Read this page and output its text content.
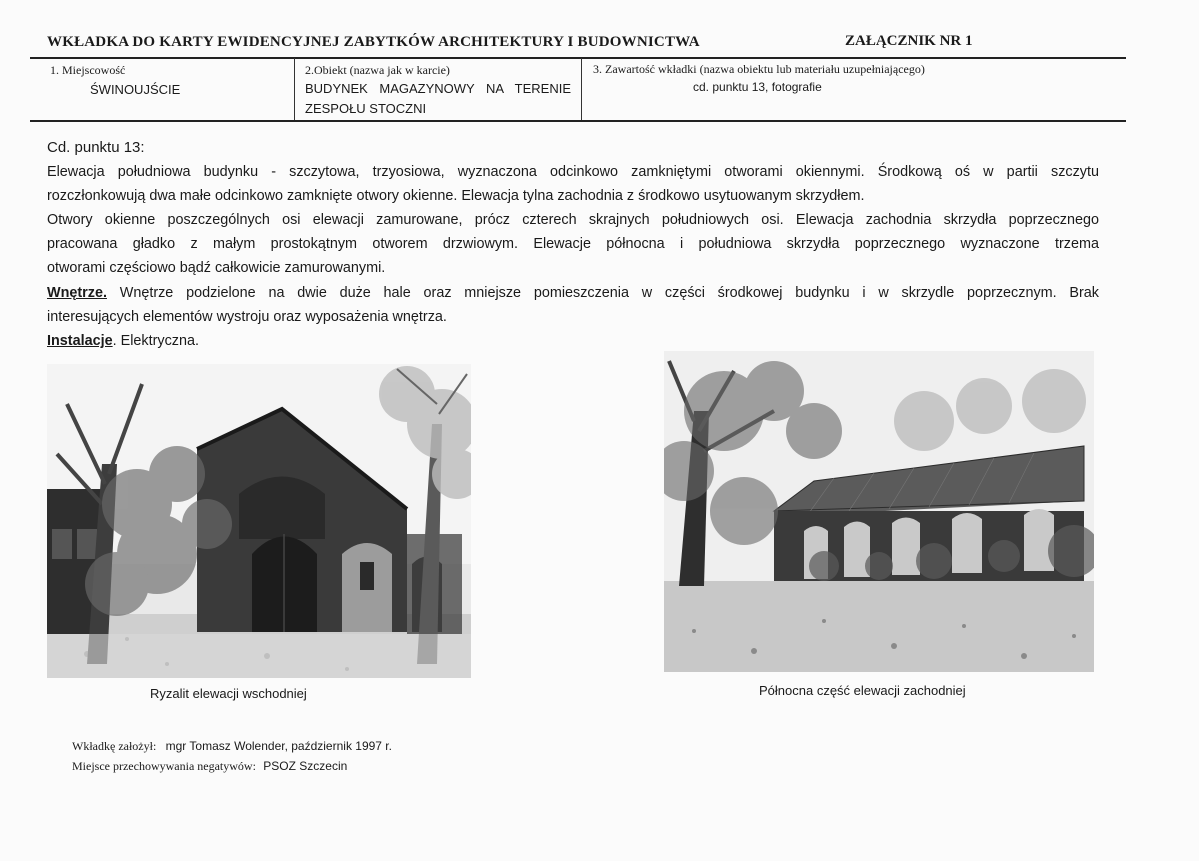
WKŁADKA DO KARTY EWIDENCYJNEJ ZABYTKÓW ARCHITEKTURY I BUDOWNICTWA	ZAŁĄCZNIK NR 1
1. Miejscowość
ŚWINOUJŚCIE
2.Obiekt (nazwa jak w karcie)
BUDYNEK MAGAZYNOWY NA TERENIE
ZESPOŁU STOCZNI
3. Zawartość wkładki (nazwa obiektu lub materiału uzupełniającego)
cd. punktu 13, fotografie

Cd. punktu 13:

Elewacja południowa budynku - szczytowa, trzyosiowa, wyznaczona odcinkowo zamkniętymi otworami okiennymi. Środkową oś w partii szczytu

rozczłonkowują dwa małe odcinkowo zamknięte otwory okienne. Elewacja tylna zachodnia z środkowo usytuowanym skrzydłem.

Otwory okienne poszczególnych osi elewacji zamurowane, prócz czterech skrajnych południowych osi. Elewacja zachodnia skrzydła poprzecznego

pracowana gładko z małym prostokątnym otworem drzwiowym. Elewacje północna i południowa skrzydła poprzecznego wyznaczone trzema

otworami częściowo bądź całkowicie zamurowanymi.

Wnętrze. Wnętrze podzielone na dwie duże hale oraz mniejsze pomieszczenia w części środkowej budynku i w skrzydle poprzecznym. Brak

interesujących elementów wystroju oraz wyposażenia wnętrza.

Instalacje. Elektryczna.

Ryzalit elewacji wschodniej	Północna część elewacji zachodniej
Wkładkę założył: mgr Tomasz Wolender, październik 1997 r.
Miejsce przechowywania negatywów: PSOZ Szczecin
